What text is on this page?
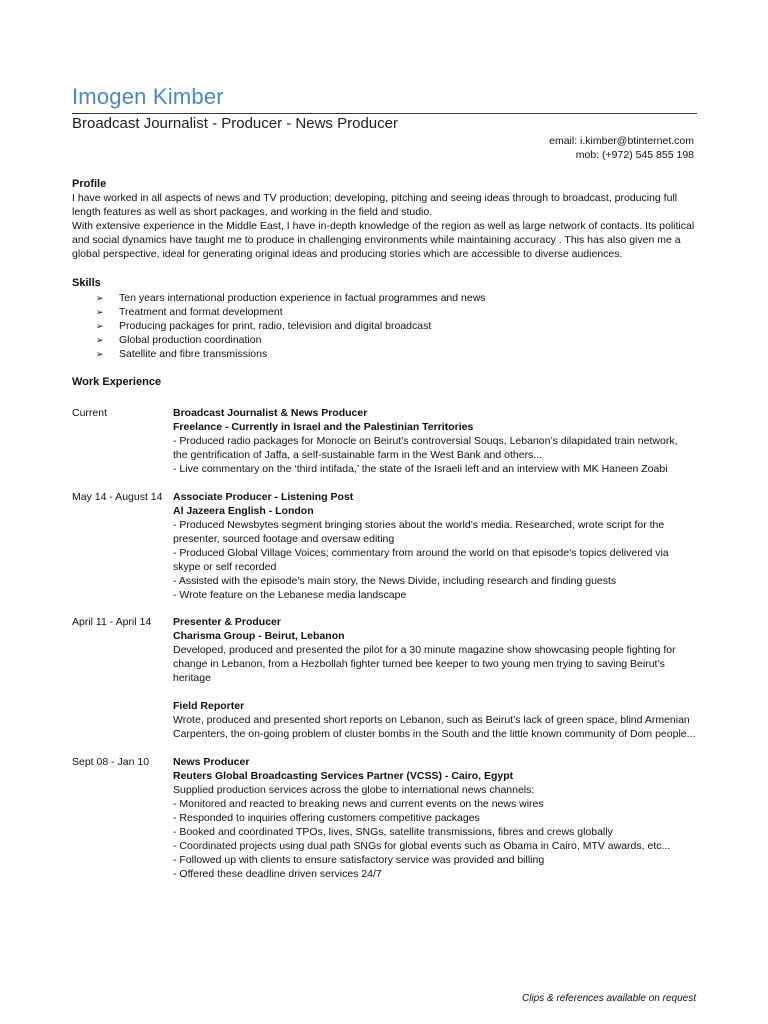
Imogen Kimber
Broadcast Journalist - Producer - News Producer
email: i.kimber@btinternet.com
mob: (+972) 545 855 198
Profile

I have worked in all aspects of news and TV production; developing, pitching and seeing ideas through to broadcast, producing full

length features as well as short packages, and working in the field and studio.

With extensive experience in the Middle East, I have in-depth knowledge of the region as well as large network of contacts. Its political

and social dynamics have taught me to produce in challenging environments while maintaining accuracy . This has also given me a

global perspective, ideal for generating original ideas and producing stories which are accessible to diverse audiences.

Skills
➢	Ten years international production experience in factual programmes and news
➢	Treatment and format development
➢	Producing packages for print, radio, television and digital broadcast
➢	Global production coordination
➢	Satellite and fibre transmissions
Work Experience
Current	Broadcast Journalist & News Producer
Freelance - Currently in Israel and the Palestinian Territories
- Produced radio packages for Monocle on Beirut’s controversial Souqs, Lebanon’s dilapidated train network,
the gentrification of Jaffa, a self-sustainable farm in the West Bank and others...
- Live commentary on the ‘third intifada,’ the state of the Israeli left and an interview with MK Haneen Zoabi
May 14 - August 14	Associate Producer - Listening Post
Al Jazeera English - London
- Produced Newsbytes segment bringing stories about the world’s media. Researched, wrote script for the
presenter, sourced footage and oversaw editing
- Produced Global Village Voices; commentary from around the world on that episode’s topics delivered via
skype or self recorded
- Assisted with the episode’s main story, the News Divide, including research and finding guests
- Wrote feature on the Lebanese media landscape
April 11 - April 14	Presenter & Producer
Charisma Group - Beirut, Lebanon
Developed, produced and presented the pilot for a 30 minute magazine show showcasing people fighting for
change in Lebanon, from a Hezbollah fighter turned bee keeper to two young men trying to saving Beirut’s
heritage
Field Reporter
Wrote, produced and presented short reports on Lebanon, such as Beirut’s lack of green space, blind Armenian
Carpenters, the on-going problem of cluster bombs in the South and the little known community of Dom people...
Sept 08 - Jan 10	News Producer
Reuters Global Broadcasting Services Partner (VCSS) - Cairo, Egypt
Supplied production services across the globe to international news channels:
- Monitored and reacted to breaking news and current events on the news wires
- Responded to inquiries offering customers competitive packages
- Booked and coordinated TPOs, lives, SNGs, satellite transmissions, fibres and crews globally
- Coordinated projects using dual path SNGs for global events such as Obama in Cairo, MTV awards, etc...
- Followed up with clients to ensure satisfactory service was provided and billing
- Offered these deadline driven services 24/7
Clips & references available on request
